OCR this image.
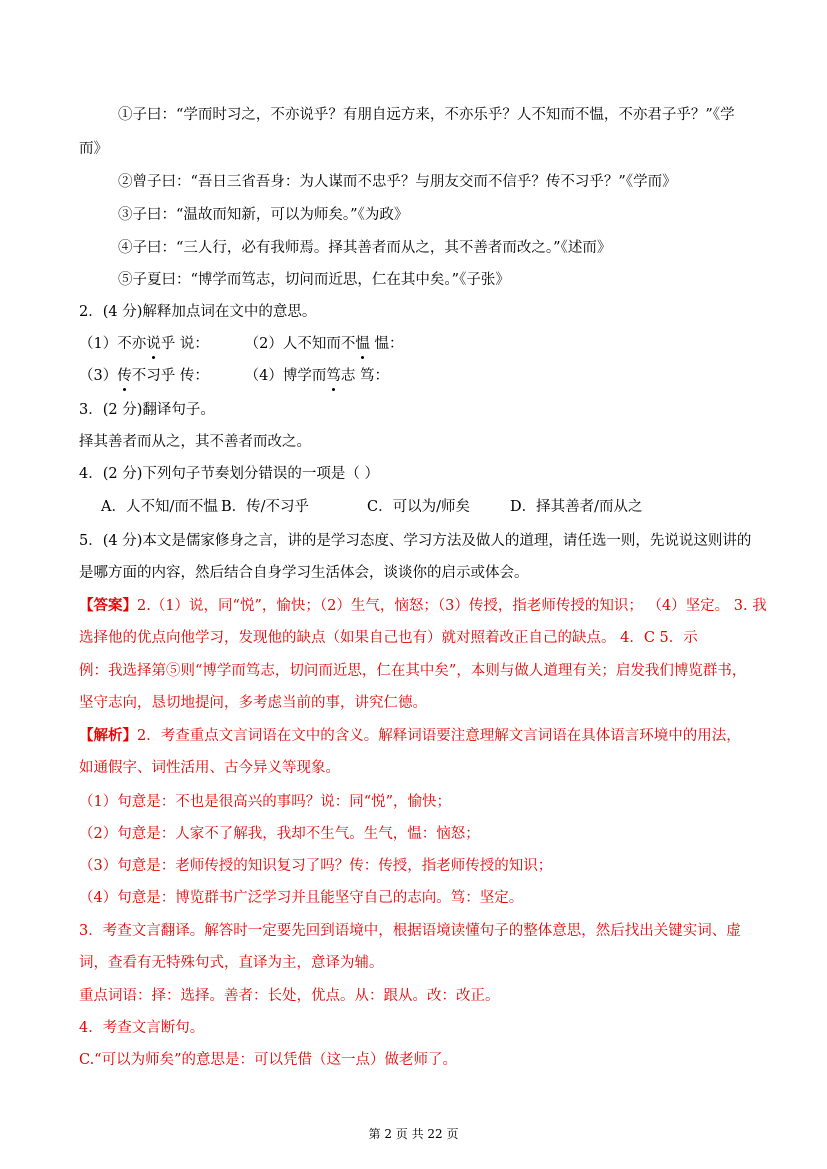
①子曰：“学而时习之，不亦说乎？有朋自远方来，不亦乐乎？人不知而不愠，不亦君子乎？”《学
而》
②曾子曰：“吾日三省吾身：为人谋而不忠乎？与朋友交而不信乎？传不习乎？”《学而》
③子曰：“温故而知新，可以为师矣。”《为政》
④子曰：“三人行，必有我师焉。择其善者而从之，其不善者而改之。”《述而》
⑤子夏曰：“博学而笃志，切问而近思，仁在其中矣。”《子张》
2．(4 分)解释加点词在文中的意思。
（1）不亦说乎 说： （2）人不知而不愠 愠：
（3）传不习乎 传： （4）博学而笃志 笃：
3．(2 分)翻译句子。
择其善者而从之，其不善者而改之。
4．(2 分)下列句子节奏划分错误的一项是（ ）
A．人不知/而不愠 B．传/不习乎	C．可以为/师矣	D．择其善者/而从之
5．(4 分)本文是儒家修身之言，讲的是学习态度、学习方法及做人的道理，请任选一则，先说说这则讲的
是哪方面的内容，然后结合自身学习生活体会，谈谈你的启示或体会。
【答案】2.（1）说，同“悦”，愉快；（2）生气，恼怒；（3）传授，指老师传授的知识； （4）坚定。 3. 我
选择他的优点向他学习，发现他的缺点（如果自己也有）就对照着改正自己的缺点。 4．C 5．示
例：我选择第⑤则“博学而笃志，切问而近思，仁在其中矣”，本则与做人道理有关；启发我们博览群书，
坚守志向，恳切地提问，多考虑当前的事，讲究仁德。
【解析】2．考查重点文言词语在文中的含义。解释词语要注意理解文言词语在具体语言环境中的用法，
如通假字、词性活用、古今异义等现象。
（1）句意是：不也是很高兴的事吗？说：同“悦”，愉快；
（2）句意是：人家不了解我，我却不生气。生气，愠：恼怒；
（3）句意是：老师传授的知识复习了吗？传：传授，指老师传授的知识；
（4）句意是：博览群书广泛学习并且能坚守自己的志向。笃：坚定。
3．考查文言翻译。解答时一定要先回到语境中，根据语境读懂句子的整体意思，然后找出关键实词、虚
词，查看有无特殊句式，直译为主，意译为辅。
重点词语：择：选择。善者：长处，优点。从：跟从。改：改正。
4．考查文言断句。
C.“可以为师矣”的意思是：可以凭借（这一点）做老师了。
第 2 页 共 22 页
